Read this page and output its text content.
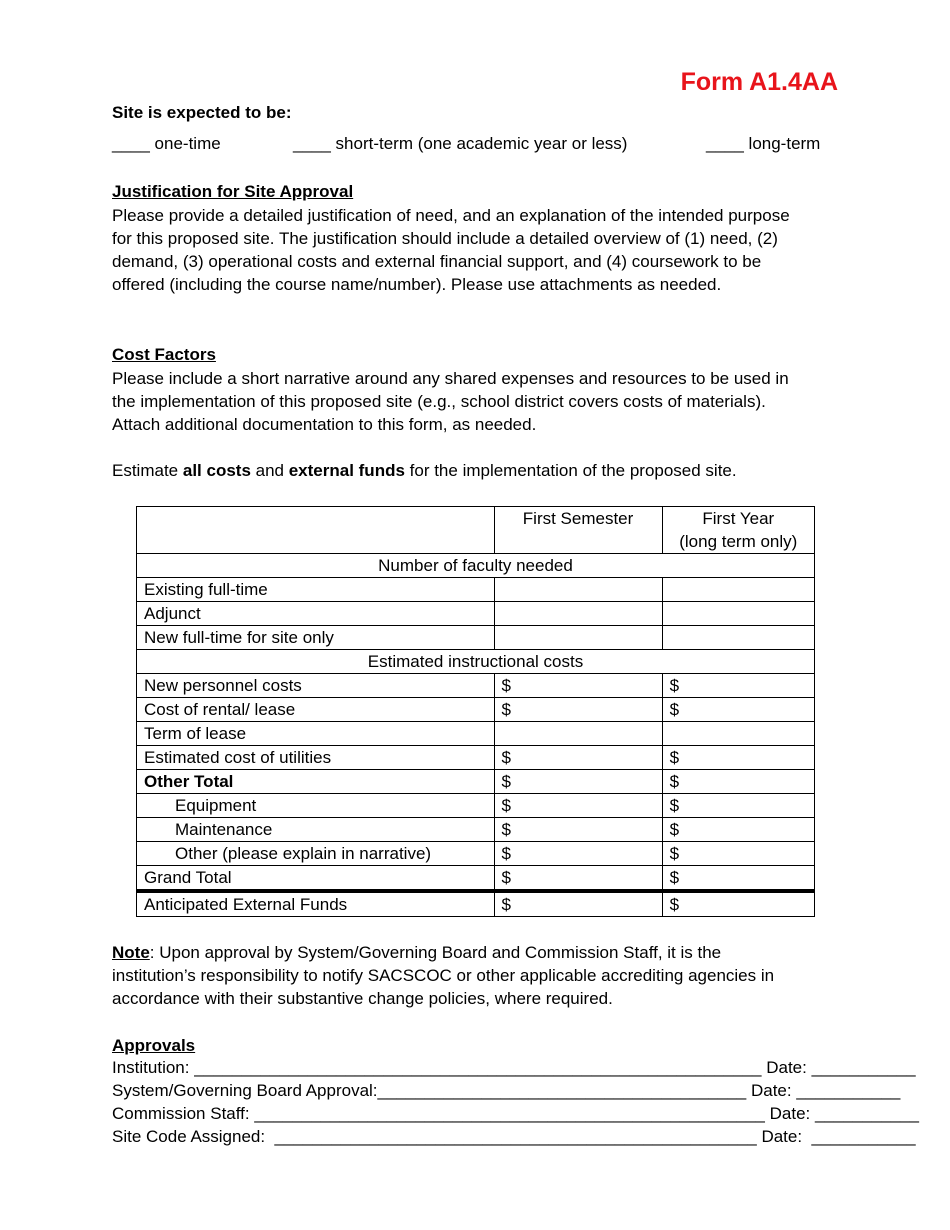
Form A1.4AA
Site is expected to be:
____ one-time	____ short-term (one academic year or less)	____ long-term
Justification for Site Approval
Please provide a detailed justification of need, and an explanation of the intended purpose
for this proposed site. The justification should include a detailed overview of (1) need, (2)
demand, (3) operational costs and external financial support, and (4) coursework to be
offered (including the course name/number). Please use attachments as needed.
Cost Factors
Please include a short narrative around any shared expenses and resources to be used in
the implementation of this proposed site (e.g., school district covers costs of materials).
Attach additional documentation to this form, as needed.
Estimate all costs and external funds for the implementation of the proposed site.
	First Semester	First Year
(long term only)

Number of faculty needed		
Existing full-time		
Adjunct		
New full-time for site only		
Estimated instructional costs		
New personnel costs	$	$
Cost of rental/ lease	$	$
Term of lease		
Estimated cost of utilities	$	$
Other Total	$	$
Equipment	$	$
Maintenance	$	$
Other (please explain in narrative)	$	$
Grand Total	$	$
Anticipated External Funds	$	$
Note: Upon approval by System/Governing Board and Commission Staff, it is the
institution’s responsibility to notify SACSCOC or other applicable accrediting agencies in
accordance with their substantive change policies, where required.
Approvals
Institution: ____________________________________________________________ Date: ___________
System/Governing Board Approval:_______________________________________ Date: ___________
Commission Staff: ______________________________________________________ Date: ___________
Site Code Assigned:  ___________________________________________________ Date:  ___________
